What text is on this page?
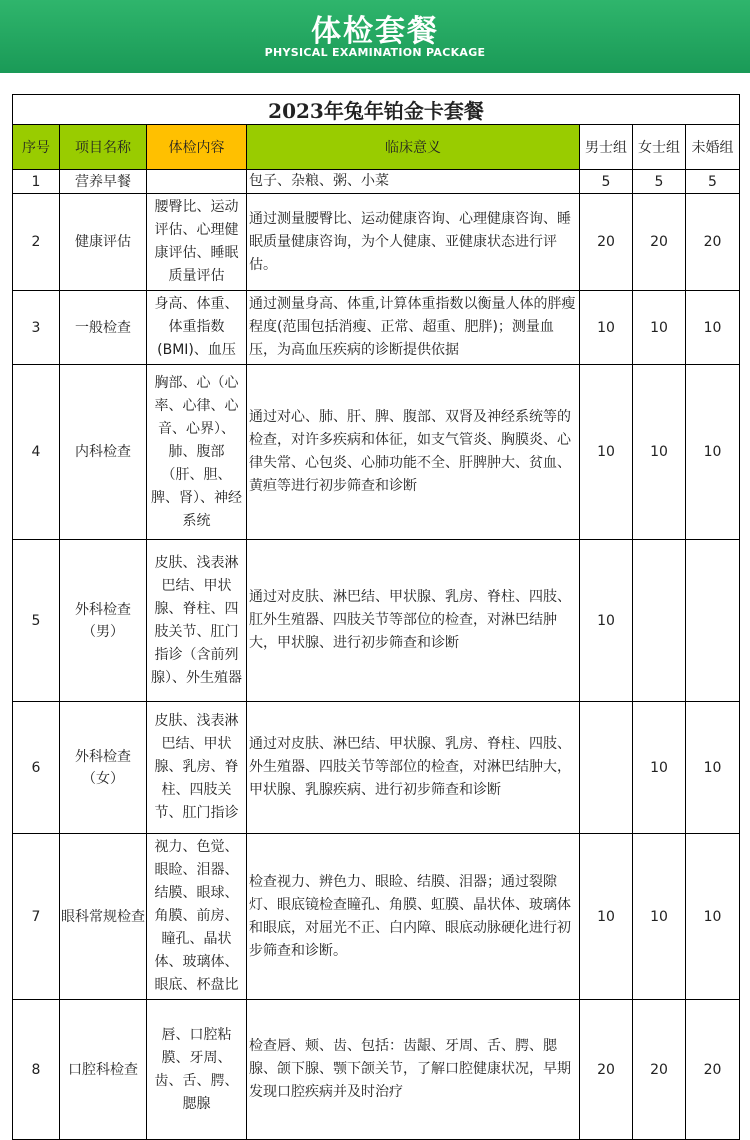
体检套餐
PHYSICAL EXAMINATION PACKAGE
2023年兔年铂金卡套餐						
序号	项目名称	体检内容	临床意义	男士组	女士组	未婚组
1	营养早餐		包子、杂粮、粥、小菜	5	5	5
2	健康评估	腰臀比、运动评估、心理健康评估、睡眠质量评估	通过测量腰臀比、运动健康咨询、心理健康咨询、睡眠质量健康咨询，为个人健康、亚健康状态进行评估。	20	20	20
3	一般检查	身高、体重、体重指数(BMI)、血压	通过测量身高、体重,计算体重指数以衡量人体的胖瘦程度(范围包括消瘦、正常、超重、肥胖)；测量血压，为高血压疾病的诊断提供依据	10	10	10
4	内科检查	胸部、心（心率、心律、心音、心界）、肺、腹部（肝、胆、脾、肾）、神经系统	通过对心、肺、肝、脾、腹部、双肾及神经系统等的检查，对许多疾病和体征，如支气管炎、胸膜炎、心律失常、心包炎、心肺功能不全、肝脾肿大、贫血、黄疸等进行初步筛查和诊断	10	10	10
5	外科检查（男）	皮肤、浅表淋巴结、甲状腺、脊柱、四肢关节、肛门指诊（含前列腺）、外生殖器	通过对皮肤、淋巴结、甲状腺、乳房、脊柱、四肢、肛外生殖器、四肢关节等部位的检查，对淋巴结肿大，甲状腺、进行初步筛查和诊断	10		
6	外科检查（女）	皮肤、浅表淋巴结、甲状腺、乳房、脊柱、四肢关节、肛门指诊	通过对皮肤、淋巴结、甲状腺、乳房、脊柱、四肢、外生殖器、四肢关节等部位的检查，对淋巴结肿大，甲状腺、乳腺疾病、进行初步筛查和诊断		10	10
7	眼科常规检查	视力、色觉、眼睑、泪器、结膜、眼球、角膜、前房、瞳孔、晶状体、玻璃体、眼底、杯盘比	检查视力、辨色力、眼睑、结膜、泪器；通过裂隙灯、眼底镜检查瞳孔、角膜、虹膜、晶状体、玻璃体和眼底，对屈光不正、白内障、眼底动脉硬化进行初步筛查和诊断。	10	10	10
8	口腔科检查	唇、口腔粘膜、牙周、齿、舌、腭、腮腺	检查唇、颊、齿、包括：齿龈、牙周、舌、腭、腮腺、颌下腺、颚下颌关节，了解口腔健康状况，早期发现口腔疾病并及时治疗	20	20	20
